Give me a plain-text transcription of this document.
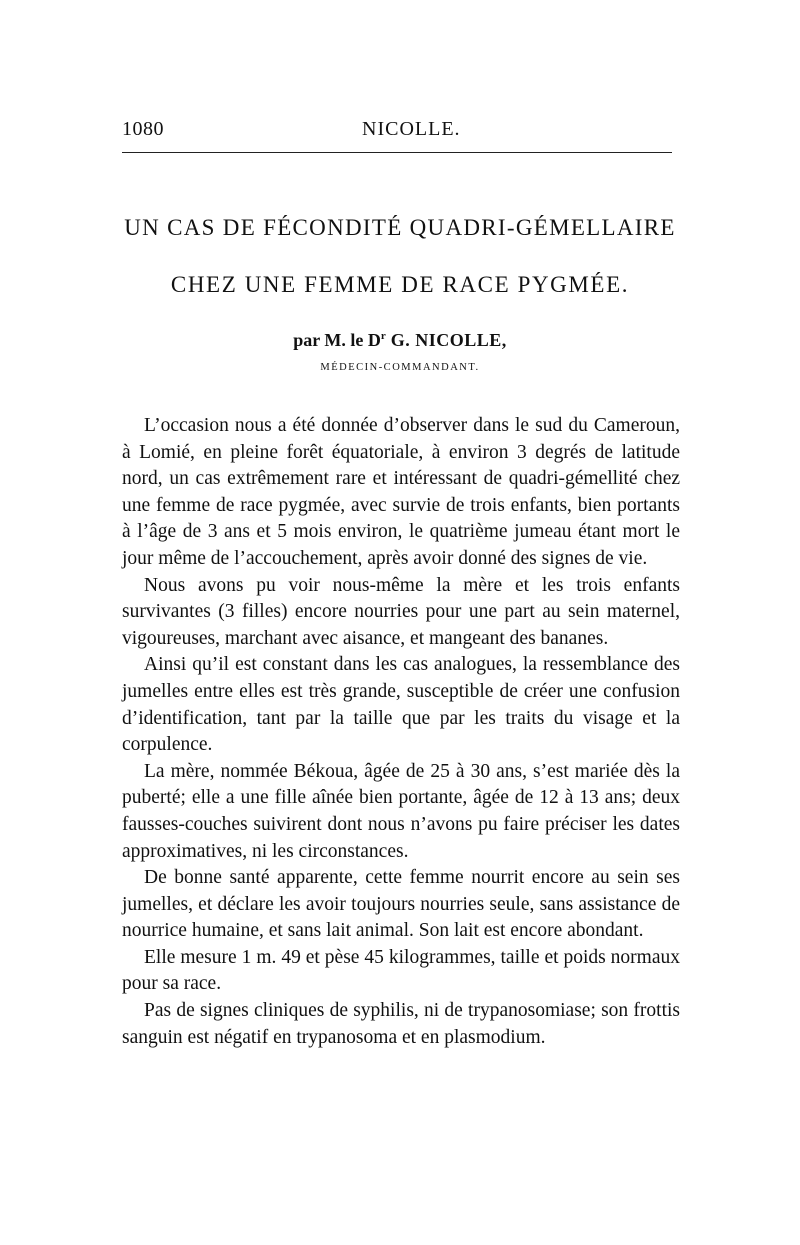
1080	NICOLLE.
UN CAS DE FÉCONDITÉ QUADRI-GÉMELLAIRE
CHEZ UNE FEMME DE RACE PYGMÉE.
par M. le $D^r$ G. NICOLLE,
MÉDECIN-COMMANDANT.

L’occasion nous a été donnée d’observer dans le sud du Cameroun, à Lomié, en pleine forêt équatoriale, à environ 3 degrés de latitude nord, un cas extrêmement rare et intéressant de quadri-gémellité chez une femme de race pygmée, avec survie de trois enfants, bien portants à l’âge de 3 ans et 5 mois environ, le quatrième jumeau étant mort le jour même de l’accouchement, après avoir donné des signes de vie.

Nous avons pu voir nous-même la mère et les trois enfants survivantes (3 filles) encore nourries pour une part au sein maternel, vigoureuses, marchant avec aisance, et mangeant des bananes.

Ainsi qu’il est constant dans les cas analogues, la ressemblance des jumelles entre elles est très grande, susceptible de créer une confusion d’identification, tant par la taille que par les traits du visage et la corpulence.

La mère, nommée Békoua, âgée de 25 à 30 ans, s’est mariée dès la puberté; elle a une fille aînée bien portante, âgée de 12 à 13 ans; deux fausses-couches suivirent dont nous n’avons pu faire préciser les dates approximatives, ni les circonstances.

De bonne santé apparente, cette femme nourrit encore au sein ses jumelles, et déclare les avoir toujours nourries seule, sans assistance de nourrice humaine, et sans lait animal. Son lait est encore abondant.

Elle mesure 1 m. 49 et pèse 45 kilogrammes, taille et poids normaux pour sa race.

Pas de signes cliniques de syphilis, ni de trypanosomiase; son frottis sanguin est négatif en trypanosoma et en plasmodium.
